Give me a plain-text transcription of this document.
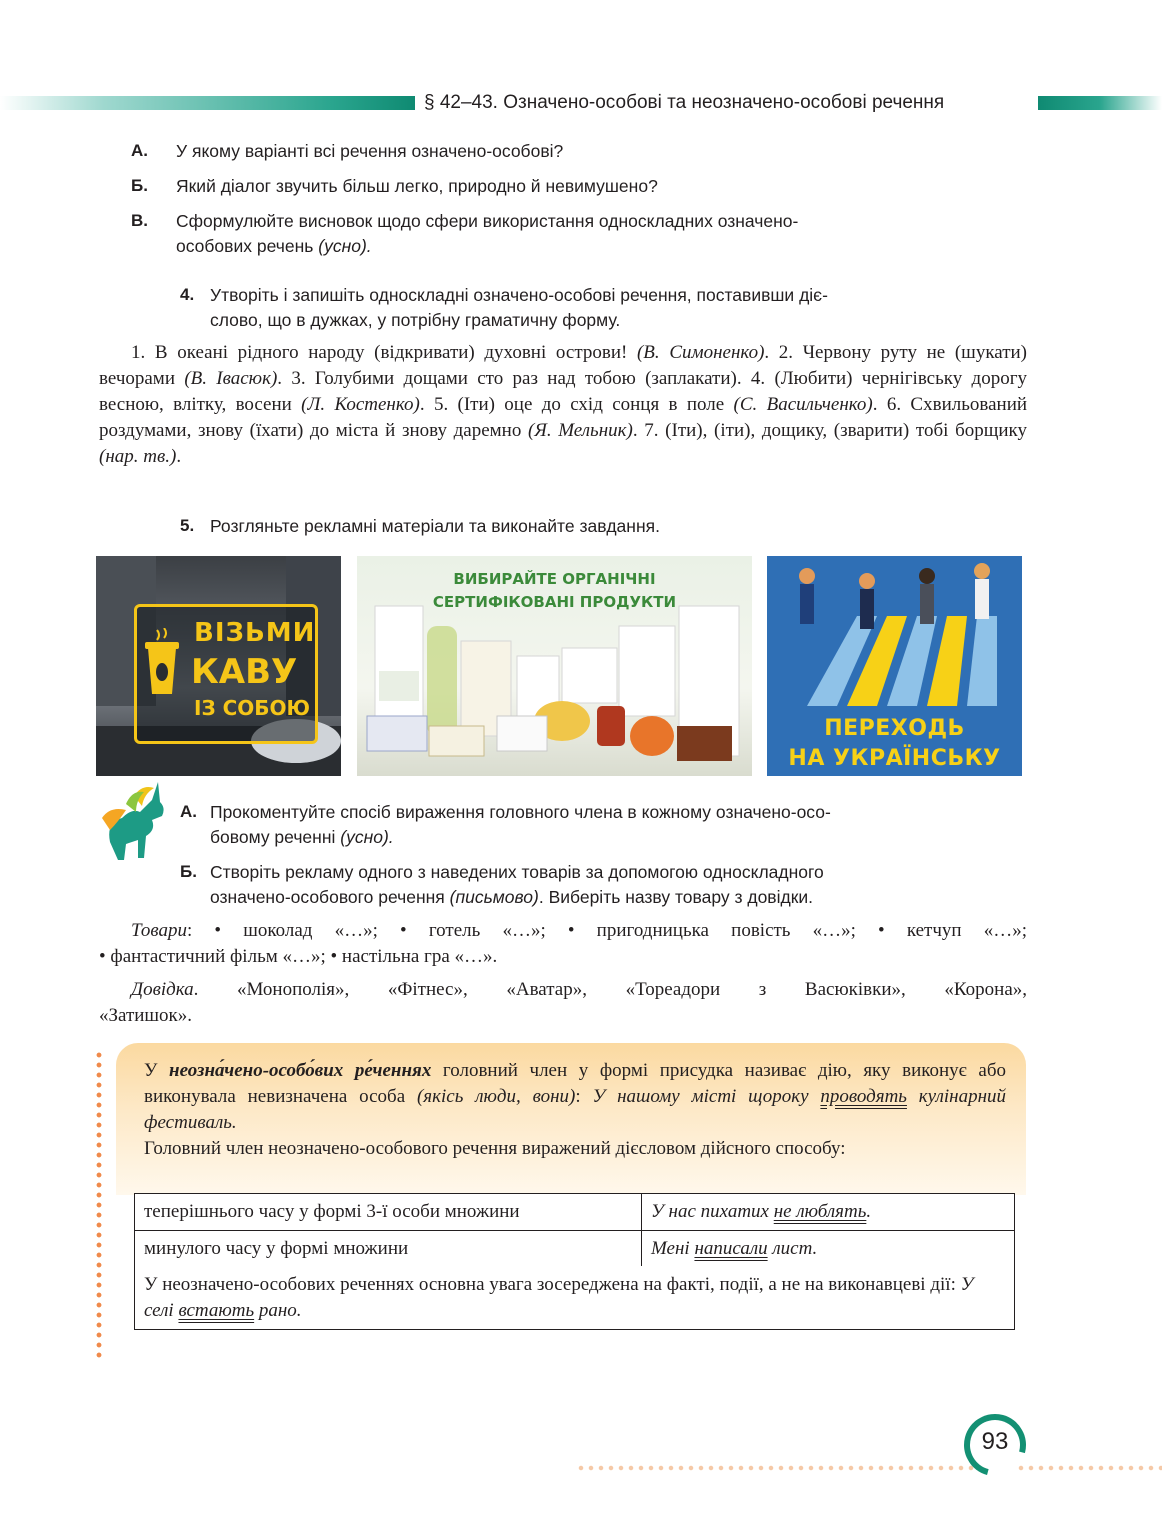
§ 42–43. Означено-особові та неозначено-особові речення
А. У якому варіанті всі речення означено-особові?
Б. Який діалог звучить більш легко, природно й невимушено?
В. Сформулюйте висновок щодо сфери використання односкладних означено-
особових речень (усно).
4. Утворіть і запишіть односкладні означено-особові речення, поставивши діє-
слово, що в дужках, у потрібну граматичну форму.
1. В океані рідного народу (відкривати) духовні острови! (В. Симоненко). 2. Червону руту не (шукати) вечорами (В. Івасюк). 3. Голубими дощами сто раз над тобою (заплакати). 4. (Любити) чернігівську дорогу весною, влітку, восени (Л. Костенко). 5. (Іти) оце до схід сонця в поле (С. Васильченко). 6. Схвильований роздумами, знову (їхати) до міста й знову даремно (Я. Мельник). 7. (Іти), (іти), дощику, (зварити) тобі борщику (нар. тв.).
5. Розгляньте рекламні матеріали та виконайте завдання.
ВІЗЬМИ
КАВУ
ІЗ СОБОЮ
ВИБИРАЙТЕ ОРГАНІЧНІ
СЕРТИФІКОВАНІ ПРОДУКТИ
ПЕРЕХОДЬ
НА УКРАЇНСЬКУ
А. Прокоментуйте спосіб вираження головного члена в кожному означено-осо-
бовому реченні (усно).
Б. Створіть рекламу одного з наведених товарів за допомогою односкладного
означено-особового речення (письмово). Виберіть назву товару з довідки.
Товари: • шоколад «…»; • готель «…»; • пригодницька повість «…»; • кетчуп «…»;
• фантастичний фільм «…»; • настільна гра «…».
Довідка. «Монополія», «Фітнес», «Аватар», «Тореадори з Васюківки», «Корона»,
«Затишок».
У неозна́чено-особо́вих ре́ченнях головний член у формі присудка називає дію, яку виконує або виконувала невизначена особа (якісь люди, вони): У нашому місті щороку проводять кулінарний фестиваль.
Головний член неозначено-особового речення виражений дієсловом дійсного способу:
теперішнього часу у формі 3-ї особи множини	У нас пихатих не люблять.
минулого часу у формі множини	Мені написали лист.
У неозначено-особових реченнях основна увага зосереджена на факті, події, а не на виконавцеві дії: У селі встають рано.
93
